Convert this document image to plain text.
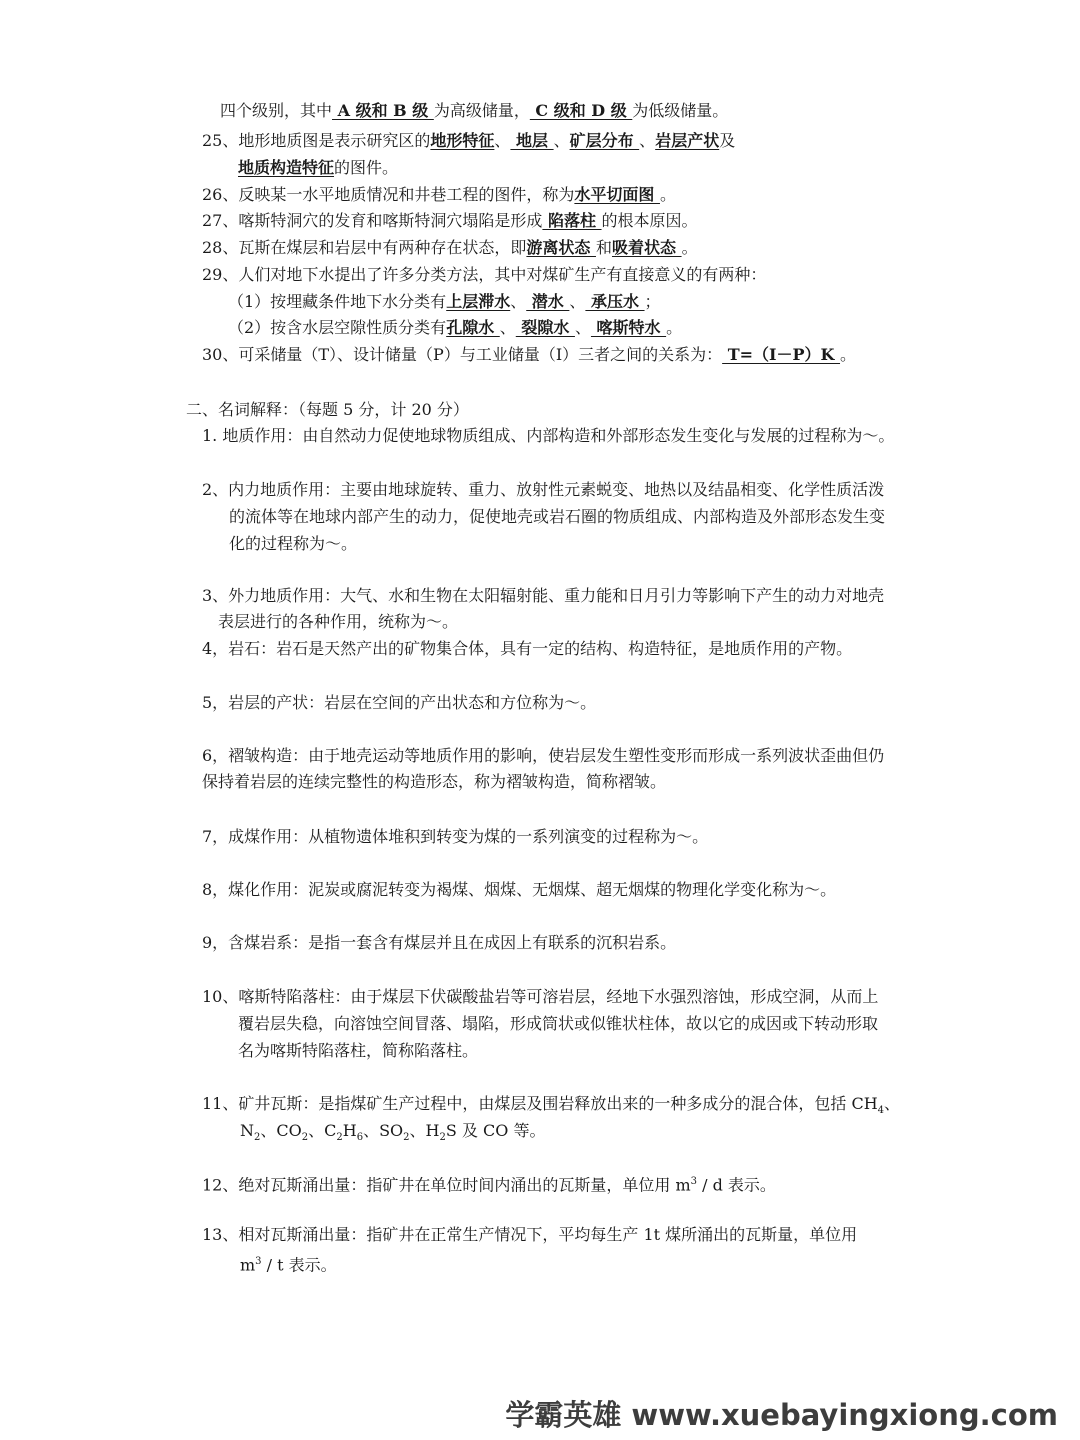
四个级别，其中 A 级和 B 级 为高级储量， C 级和 D 级 为低级储量。
25、地形地质图是表示研究区的地形特征、 地层 、矿层分布 、岩层产状及
地质构造特征的图件。
26、反映某一水平地质情况和井巷工程的图件，称为水平切面图 。
27、喀斯特洞穴的发育和喀斯特洞穴塌陷是形成 陷落柱 的根本原因。
28、瓦斯在煤层和岩层中有两种存在状态，即游离状态 和吸着状态 。
29、人们对地下水提出了许多分类方法，其中对煤矿生产有直接意义的有两种：
（1）按埋藏条件地下水分类有上层滞水、 潜水 、 承压水 ；
（2）按含水层空隙性质分类有孔隙水 、 裂隙水 、 喀斯特水 。
30、可采储量（T）、设计储量（P）与工业储量（I）三者之间的关系为： T=（I－P）K 。
二、名词解释：（每题 5 分，计 20 分）
1. 地质作用：由自然动力促使地球物质组成、内部构造和外部形态发生变化与发展的过程称为～。
2、内力地质作用：主要由地球旋转、重力、放射性元素蜕变、地热以及结晶相变、化学性质活泼
的流体等在地球内部产生的动力，促使地壳或岩石圈的物质组成、内部构造及外部形态发生变
化的过程称为～。
3、外力地质作用：大气、水和生物在太阳辐射能、重力能和日月引力等影响下产生的动力对地壳
表层进行的各种作用，统称为～。
4，岩石：岩石是天然产出的矿物集合体，具有一定的结构、构造特征，是地质作用的产物。
5，岩层的产状：岩层在空间的产出状态和方位称为～。
6，褶皱构造：由于地壳运动等地质作用的影响，使岩层发生塑性变形而形成一系列波状歪曲但仍
保持着岩层的连续完整性的构造形态，称为褶皱构造，简称褶皱。
7，成煤作用：从植物遗体堆积到转变为煤的一系列演变的过程称为～。
8，煤化作用：泥炭或腐泥转变为褐煤、烟煤、无烟煤、超无烟煤的物理化学变化称为～。
9，含煤岩系：是指一套含有煤层并且在成因上有联系的沉积岩系。
10、喀斯特陷落柱：由于煤层下伏碳酸盐岩等可溶岩层，经地下水强烈溶蚀，形成空洞，从而上
覆岩层失稳，向溶蚀空间冒落、塌陷，形成筒状或似锥状柱体，故以它的成因或下转动形取
名为喀斯特陷落柱，简称陷落柱。
11、矿井瓦斯：是指煤矿生产过程中，由煤层及围岩释放出来的一种多成分的混合体，包括 $CH_4$、
$N_2$、$CO_2$、$C_2H_6$、$SO_2$、$H_2S$ 及 CO 等。
12、绝对瓦斯涌出量：指矿井在单位时间内涌出的瓦斯量，单位用 $m^3$ / d 表示。
13、相对瓦斯涌出量：指矿井在正常生产情况下，平均每生产 1t 煤所涌出的瓦斯量，单位用
$m^3$ / t 表示。
学霸英雄 www.xuebayingxiong.com
